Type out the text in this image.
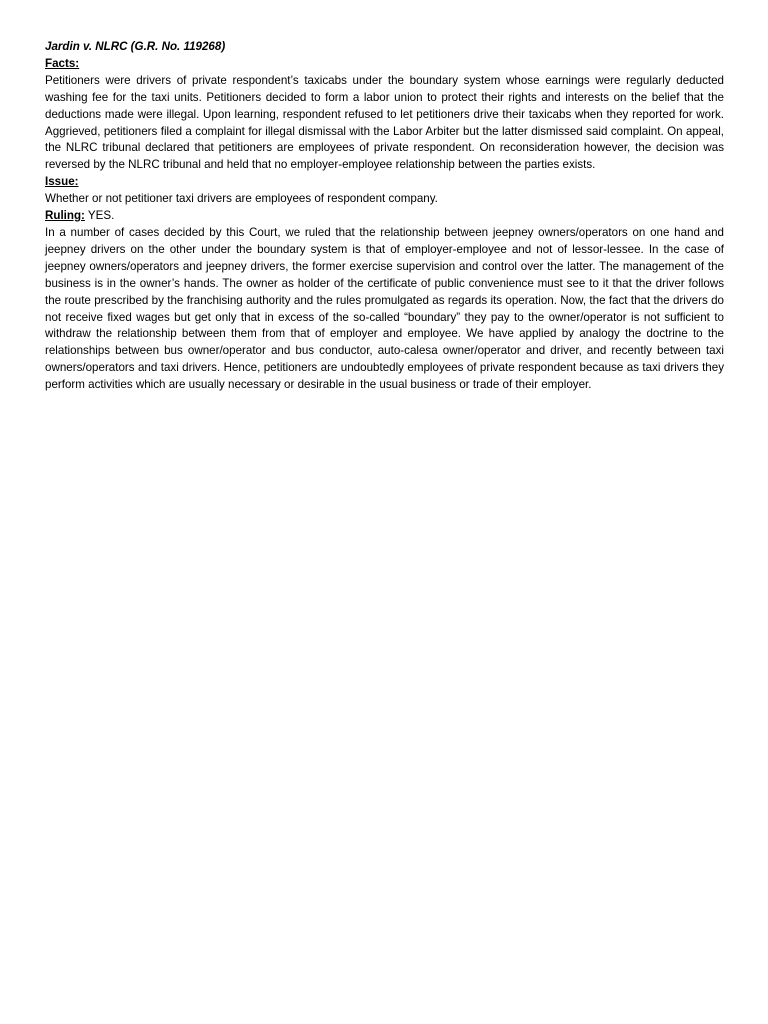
Jardin v. NLRC (G.R. No. 119268)

Facts:

Petitioners were drivers of private respondent’s taxicabs under the boundary system whose earnings were regularly deducted washing fee for the taxi units. Petitioners decided to form a labor union to protect their rights and interests on the belief that the deductions made were illegal. Upon learning, respondent refused to let petitioners drive their taxicabs when they reported for work. Aggrieved, petitioners filed a complaint for illegal dismissal with the Labor Arbiter but the latter dismissed said complaint. On appeal, the NLRC tribunal declared that petitioners are employees of private respondent. On reconsideration however, the decision was reversed by the NLRC tribunal and held that no employer-employee relationship between the parties exists.

Issue:

Whether or not petitioner taxi drivers are employees of respondent company.

Ruling: YES.

In a number of cases decided by this Court, we ruled that the relationship between jeepney owners/operators on one hand and jeepney drivers on the other under the boundary system is that of employer-employee and not of lessor-lessee. In the case of jeepney owners/operators and jeepney drivers, the former exercise supervision and control over the latter. The management of the business is in the owner’s hands. The owner as holder of the certificate of public convenience must see to it that the driver follows the route prescribed by the franchising authority and the rules promulgated as regards its operation. Now, the fact that the drivers do not receive fixed wages but get only that in excess of the so-called “boundary” they pay to the owner/operator is not sufficient to withdraw the relationship between them from that of employer and employee. We have applied by analogy the doctrine to the relationships between bus owner/operator and bus conductor, auto-calesa owner/operator and driver, and recently between taxi owners/operators and taxi drivers. Hence, petitioners are undoubtedly employees of private respondent because as taxi drivers they perform activities which are usually necessary or desirable in the usual business or trade of their employer.
